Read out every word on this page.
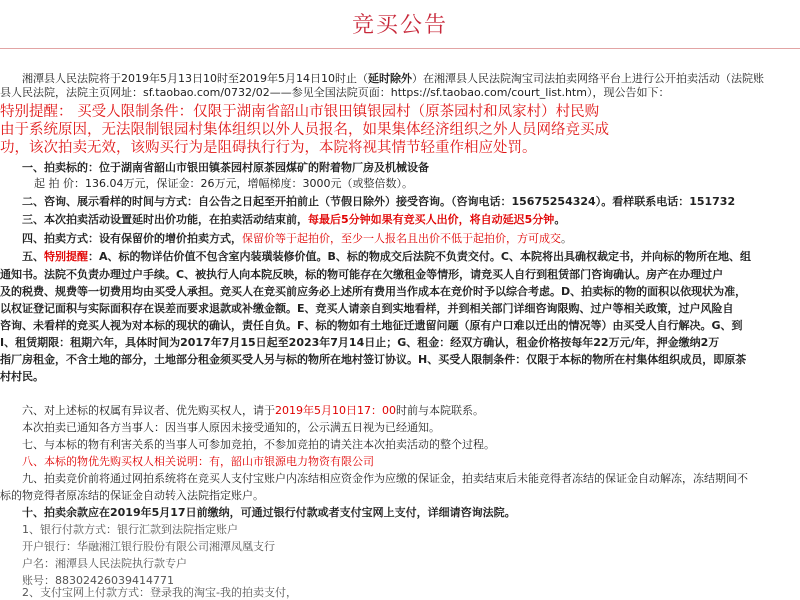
竞买公告
湘潭县人民法院将于2019年5月13日10时至2019年5月14日10时止（延时除外）在湘潭县人民法院淘宝司法拍卖网络平台上进行公开拍卖活动（法院账
县人民法院，法院主页网址：sf.taobao.com/0732/02——参见全国法院页面：https://sf.taobao.com/court_list.htm），现公告如下：
特别提醒： 买受人限制条件：仅限于湖南省韶山市银田镇银园村（原茶园村和凤家村）村民购
由于系统原因，无法限制银园村集体组织以外人员报名，如果集体经济组织之外人员网络竞买成
功，该次拍卖无效，该购买行为是阻碍执行行为，本院将视其情节轻重作相应处罚。
一、拍卖标的：位于湖南省韶山市银田镇茶园村原茶园煤矿的附着物厂房及机械设备
起 拍 价：136.04万元，保证金：26万元，增幅梯度：3000元（或整倍数）。
二、咨询、展示看样的时间与方式：自公告之日起至开拍前止（节假日除外）接受咨询。（咨询电话：15675254324）。看样联系电话：151732
三、本次拍卖活动设置延时出价功能，在拍卖活动结束前，每最后5分钟如果有竞买人出价，将自动延迟5分钟。
四、拍卖方式：设有保留价的增价拍卖方式，保留价等于起拍价，至少一人报名且出价不低于起拍价，方可成交。
五、特别提醒：A、标的物详估价值不包含室内装璜装修价值。B、标的物成交后法院不负责交付。C、本院将出具确权裁定书，并向标的物所在地、组
通知书。法院不负责办理过户手续。C、被执行人向本院反映，标的物可能存在欠缴租金等情形，请竞买人自行到租赁部门咨询确认。房产在办理过户
及的税费、规费等一切费用均由买受人承担。竞买人在竞买前应务必上述所有费用当作成本在竞价时予以综合考虑。D、拍卖标的物的面积以依现状为准，
以权证登记面积与实际面积存在误差而要求退款或补缴金额。E、竞买人请亲自到实地看样，并到相关部门详细咨询限购、过户等相关政策，过户风险自
咨询、未看样的竞买人视为对本标的现状的确认，责任自负。F、标的物如有土地征迁遗留问题（原有户口难以迁出的情况等）由买受人自行解决。G、到
I、租赁期限：租期六年，具体时间为2017年7月15日起至2023年7月14日止；G、租金：经双方确认，租金价格按每年22万元/年，押金缴纳2万
指厂房租金，不含土地的部分，土地部分租金须买受人另与标的物所在地村签订协议。H、买受人限制条件：仅限于本标的物所在村集体组织成员，即原茶
村村民。
六、对上述标的权属有异议者、优先购买权人，请于2019年5月10日17：00时前与本院联系。
本次拍卖已通知各方当事人：因当事人原因未接受通知的，公示满五日视为已经通知。
七、与本标的物有利害关系的当事人可参加竞拍，不参加竞拍的请关注本次拍卖活动的整个过程。
八、本标的物优先购买权人相关说明：有，韶山市银源电力物资有限公司
九、拍卖竞价前将通过网拍系统将在竞买人支付宝账户内冻结相应资金作为应缴的保证金，拍卖结束后未能竞得者冻结的保证金自动解冻，冻结期间不
标的物竞得者原冻结的保证金自动转入法院指定账户。
十、拍卖余款应在2019年5月17日前缴纳，可通过银行付款或者支付宝网上支付，详细请咨询法院。
1、银行付款方式：银行汇款到法院指定账户
开户银行：华融湘江银行股份有限公司湘潭凤凰支行
户名：湘潭县人民法院执行款专户
账号：88302426039414771
2、支付宝网上付款方式：登录我的淘宝-我的拍卖支付，
